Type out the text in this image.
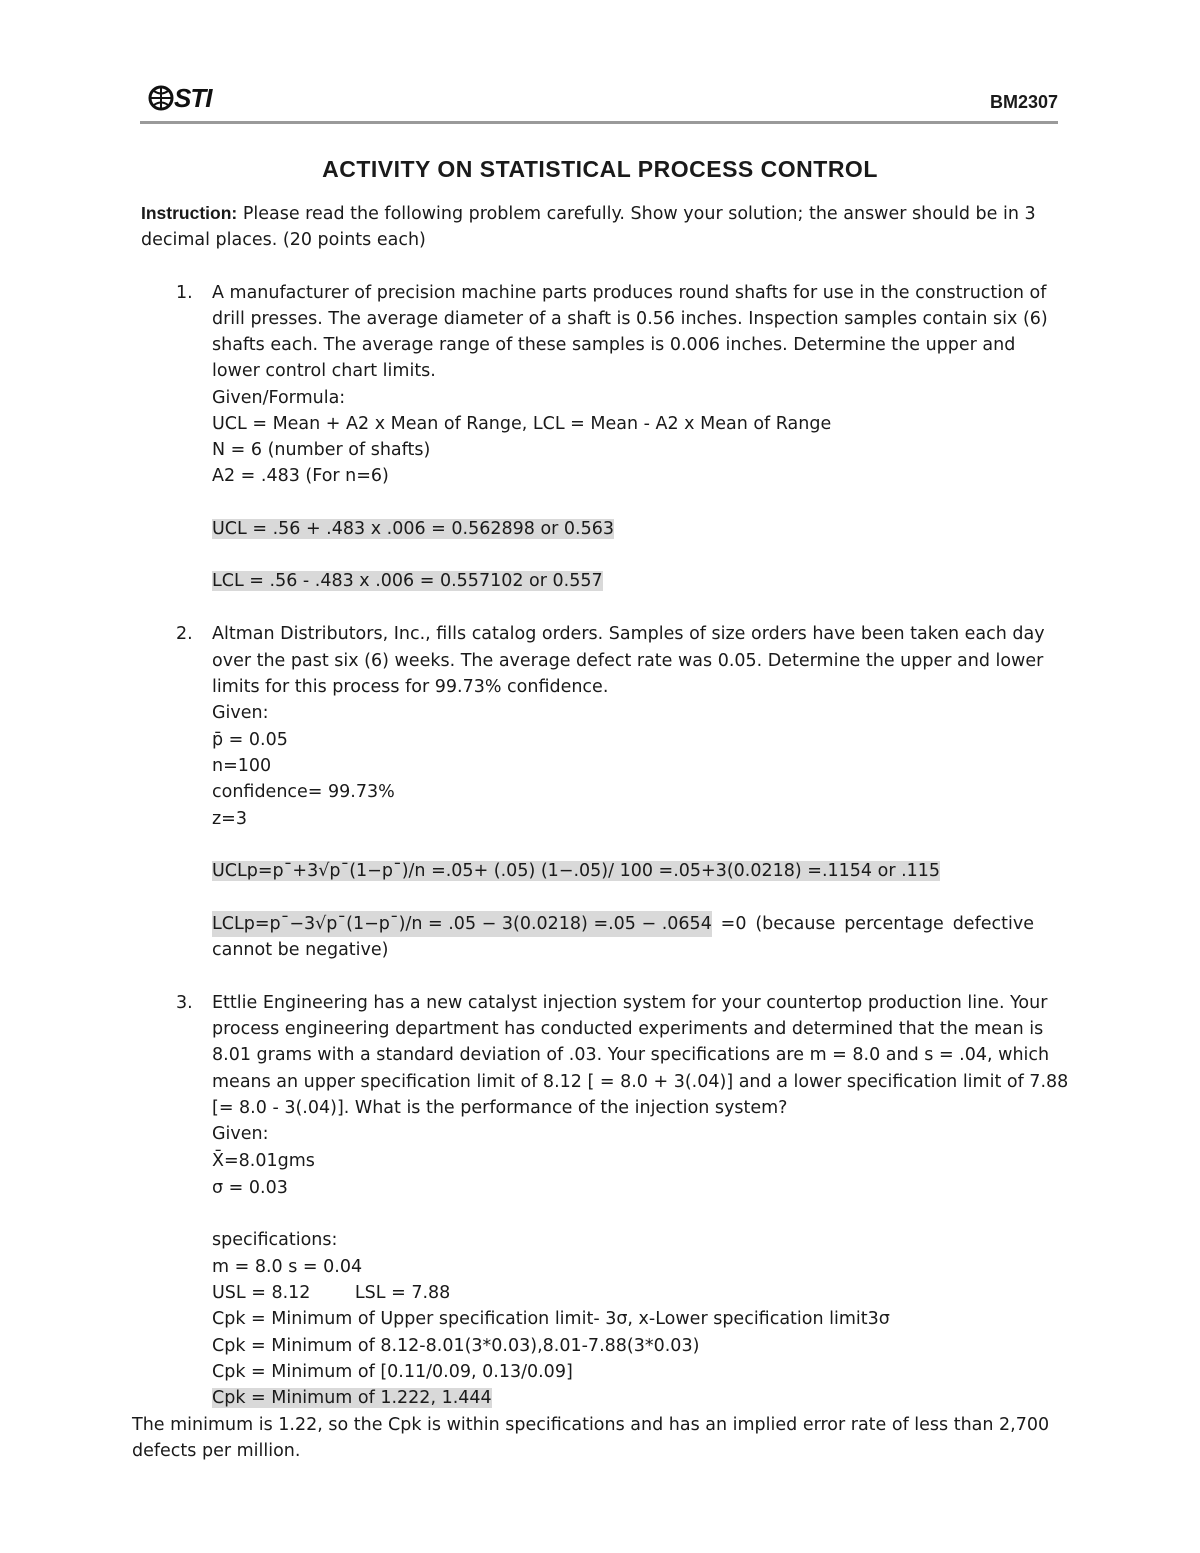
STI	BM2307
ACTIVITY ON STATISTICAL PROCESS CONTROL
Instruction: Please read the following problem carefully. Show your solution; the answer should be in 3
decimal places. (20 points each)
1. A manufacturer of precision machine parts produces round shafts for use in the construction of
drill presses. The average diameter of a shaft is 0.56 inches. Inspection samples contain six (6)
shafts each. The average range of these samples is 0.006 inches. Determine the upper and
lower control chart limits.
Given/Formula:
UCL = Mean + A2 x Mean of Range, LCL = Mean - A2 x Mean of Range
N = 6 (number of shafts)
A2 = .483 (For n=6)
UCL = .56 + .483 x .006 = 0.562898 or 0.563
LCL = .56 - .483 x .006 = 0.557102 or 0.557
2. Altman Distributors, Inc., fills catalog orders. Samples of size orders have been taken each day
over the past six (6) weeks. The average defect rate was 0.05. Determine the upper and lower
limits for this process for 99.73% confidence.
Given:
p̄ = 0.05
n=100
confidence= 99.73%
z=3
UCLp=p¯+3√p¯(1−p¯)/n =.05+ (.05) (1−.05)/ 100 =.05+3(0.0218) =.1154 or .115
LCLp=p¯−3√p¯(1−p¯)/n = .05 − 3(0.0218) =.05 − .0654 =0 (because percentage defective
cannot be negative)
3. Ettlie Engineering has a new catalyst injection system for your countertop production line. Your
process engineering department has conducted experiments and determined that the mean is
8.01 grams with a standard deviation of .03. Your specifications are m = 8.0 and s = .04, which
means an upper specification limit of 8.12 [ = 8.0 + 3(.04)] and a lower specification limit of 7.88
[= 8.0 - 3(.04)]. What is the performance of the injection system?
Given:
X̄=8.01gms
σ = 0.03
specifications:
m = 8.0 s = 0.04
USL = 8.12        LSL = 7.88
Cpk = Minimum of Upper specification limit- 3σ, x-Lower specification limit3σ
Cpk = Minimum of 8.12-8.01(3*0.03),8.01-7.88(3*0.03)
Cpk = Minimum of [0.11/0.09, 0.13/0.09]
Cpk = Minimum of 1.222, 1.444
The minimum is 1.22, so the Cpk is within specifications and has an implied error rate of less than 2,700
defects per million.
